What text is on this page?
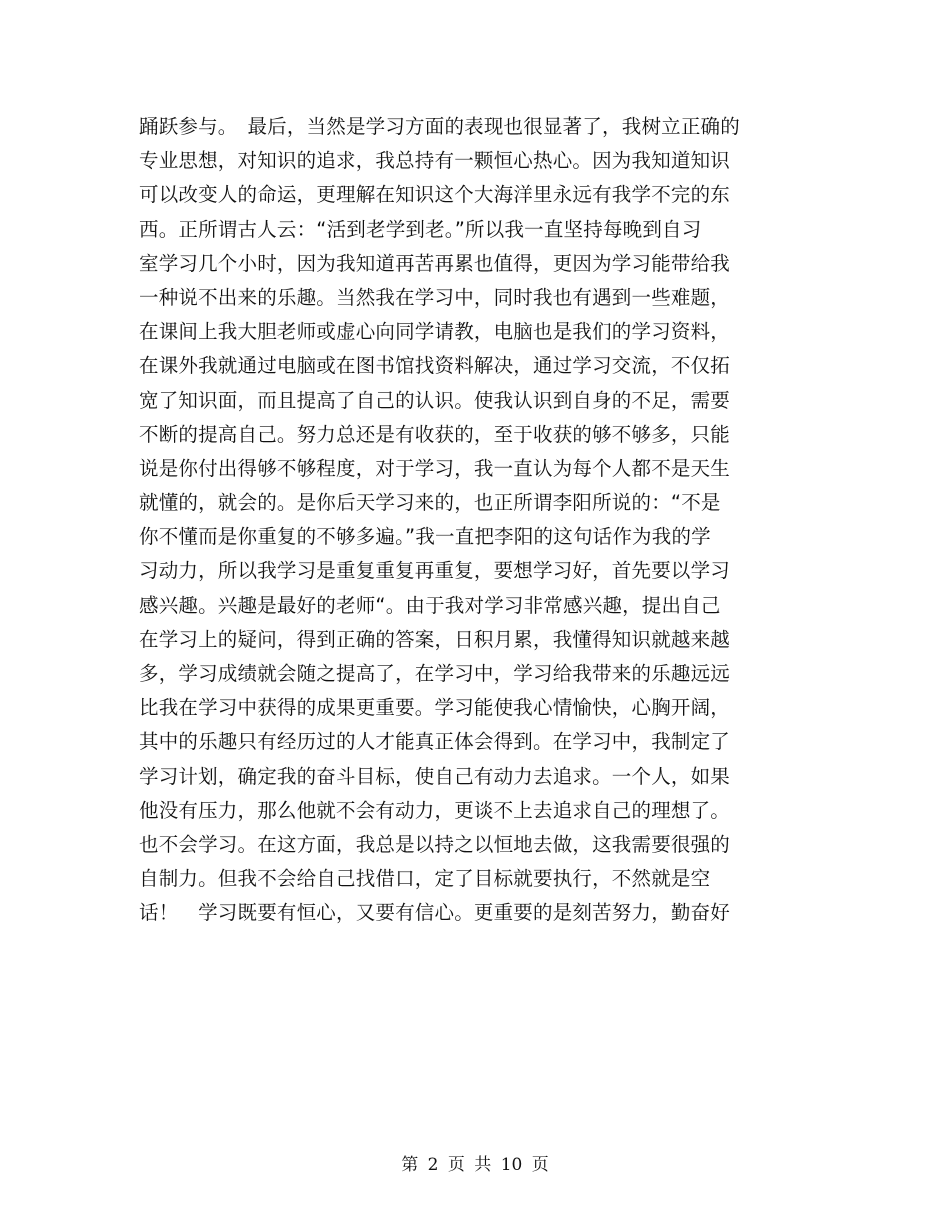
踊跃参与。　最后，当然是学习方面的表现也很显著了，我树立正确的
专业思想，对知识的追求，我总持有一颗恒心热心。因为我知道知识
可以改变人的命运，更理解在知识这个大海洋里永远有我学不完的东
西。正所谓古人云：“活到老学到老。”所以我一直坚持每晚到自习
室学习几个小时，因为我知道再苦再累也值得，更因为学习能带给我
一种说不出来的乐趣。当然我在学习中，同时我也有遇到一些难题，
在课间上我大胆老师或虚心向同学请教，电脑也是我们的学习资料，
在课外我就通过电脑或在图书馆找资料解决，通过学习交流，不仅拓
宽了知识面，而且提高了自己的认识。使我认识到自身的不足，需要
不断的提高自己。努力总还是有收获的，至于收获的够不够多，只能
说是你付出得够不够程度，对于学习，我一直认为每个人都不是天生
就懂的，就会的。是你后天学习来的，也正所谓李阳所说的：“不是
你不懂而是你重复的不够多遍。”我一直把李阳的这句话作为我的学
习动力，所以我学习是重复重复再重复，要想学习好，首先要以学习
感兴趣。兴趣是最好的老师“。由于我对学习非常感兴趣，提出自己
在学习上的疑问，得到正确的答案，日积月累，我懂得知识就越来越
多，学习成绩就会随之提高了，在学习中，学习给我带来的乐趣远远
比我在学习中获得的成果更重要。学习能使我心情愉快，心胸开阔，
其中的乐趣只有经历过的人才能真正体会得到。在学习中，我制定了
学习计划，确定我的奋斗目标，使自己有动力去追求。一个人，如果
他没有压力，那么他就不会有动力，更谈不上去追求自己的理想了。
也不会学习。在这方面，我总是以持之以恒地去做，这我需要很强的
自制力。但我不会给自己找借口，定了目标就要执行，不然就是空
话！　学习既要有恒心，又要有信心。更重要的是刻苦努力，勤奋好
第 2 页 共 10 页
